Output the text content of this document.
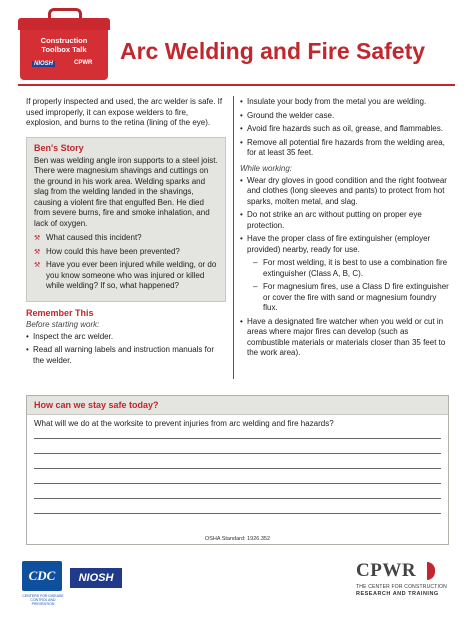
Construction
Toolbox Talk
NIOSH	CPWR Arc Welding and Fire Safety

If properly inspected and used, the arc welder is safe. If used improperly, it can expose welders to fire, explosion, and burns to the retina (lining of the eye).

Ben's Story

Ben was welding angle iron supports to a steel joist. There were magnesium shavings and cuttings on the ground in his work area. Welding sparks and slag from the welding landed in the shavings, causing a violent fire that engulfed Ben. He died from severe burns, fire and smoke inhalation, and lack of oxygen.

⚒ What caused this incident?
⚒ How could this have been prevented?
⚒ Have you ever been injured while welding, or do you know someone who was injured or killed while welding? If so, what happened?
Remember This
Before starting work:
• Inspect the arc welder.
• Read all warning labels and instruction manuals for the welder.
• Insulate your body from the metal you are welding.
• Ground the welder case.
• Avoid fire hazards such as oil, grease, and flammables.
• Remove all potential fire hazards from the welding area, for at least 35 feet.
While working:
• Wear dry gloves in good condition and the right footwear and clothes (long sleeves and pants) to protect from hot sparks, molten metal, and slag.
• Do not strike an arc without putting on proper eye protection.
• Have the proper class of fire extinguisher (employer provided) nearby, ready for use.
– For most welding, it is best to use a combination fire extinguisher (Class A, B, C).
– For magnesium fires, use a Class D fire extinguisher or cover the fire with sand or magnesium foundry flux.
• Have a designated fire watcher when you weld or cut in areas where major fires can develop (such as combustible materials or materials closer than 35 feet to the work area).
How can we stay safe today?
What will we do at the worksite to prevent injuries from arc welding and fire hazards?
OSHA Standard: 1926.352
CDC
CENTERS FOR DISEASE CONTROL AND PREVENTION
NIOSH	CPWR
THE CENTER FOR CONSTRUCTION
RESEARCH AND TRAINING
